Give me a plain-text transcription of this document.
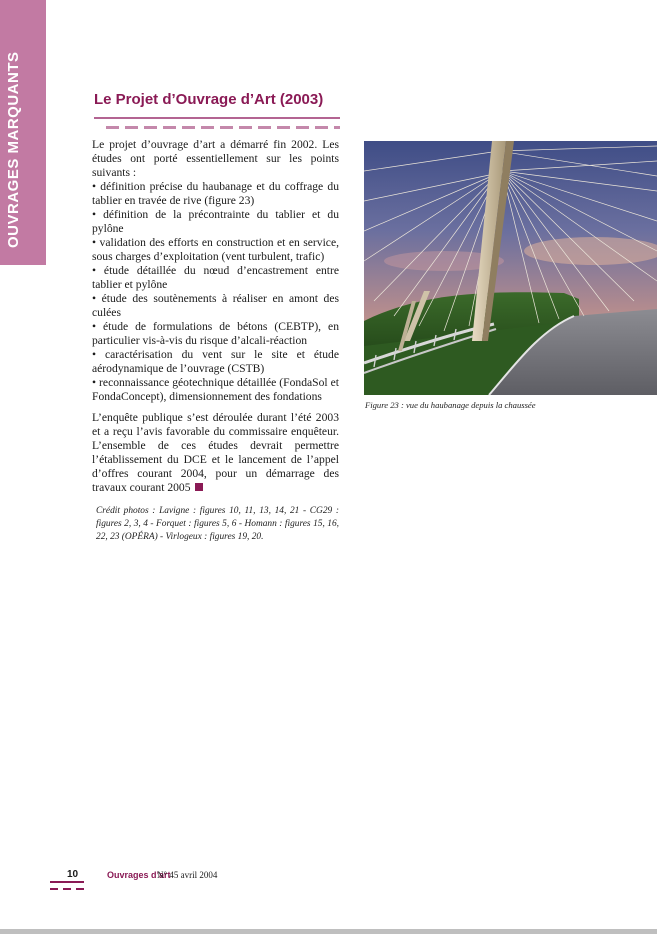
OUVRAGES MARQUANTS	Le Projet d’Ouvrage d’Art (2003)

Le projet d’ouvrage d’art a démarré fin 2002. Les études ont porté essentiellement sur les points suivants :

• définition précise du haubanage et du coffrage du tablier en travée de rive (figure 23)

• définition de la précontrainte du tablier et du pylône

• validation des efforts en construction et en service, sous charges d’exploitation (vent turbulent, trafic)

• étude détaillée du nœud d’encastrement entre tablier et pylône

• étude des soutènements à réaliser en amont des culées

• étude de formulations de bétons (CEBTP), en particulier vis-à-vis du risque d’alcali-réaction

• caractérisation du vent sur le site et étude aérodynamique de l’ouvrage (CSTB)

• reconnaissance géotechnique détaillée (FondaSol et FondaConcept), dimensionnement des fondations

L’enquête publique s’est déroulée durant l’été 2003 et a reçu l’avis favorable du commissaire enquêteur. L’ensemble de ces études devrait permettre l’établissement du DCE et le lancement de l’appel d’offres courant 2004, pour un démarrage des travaux courant 2005

Crédit photos : Lavigne : figures 10, 11, 13, 14, 21 - CG29 : figures 2, 3, 4 - Forquet : figures 5, 6 - Homann : figures 15, 16, 22, 23 (OPÉRA) - Virlogeux : figures 19, 20.
Figure 23 : vue du haubanage depuis la chaussée
10	Ouvrages d’art
N° 45 avril 2004
